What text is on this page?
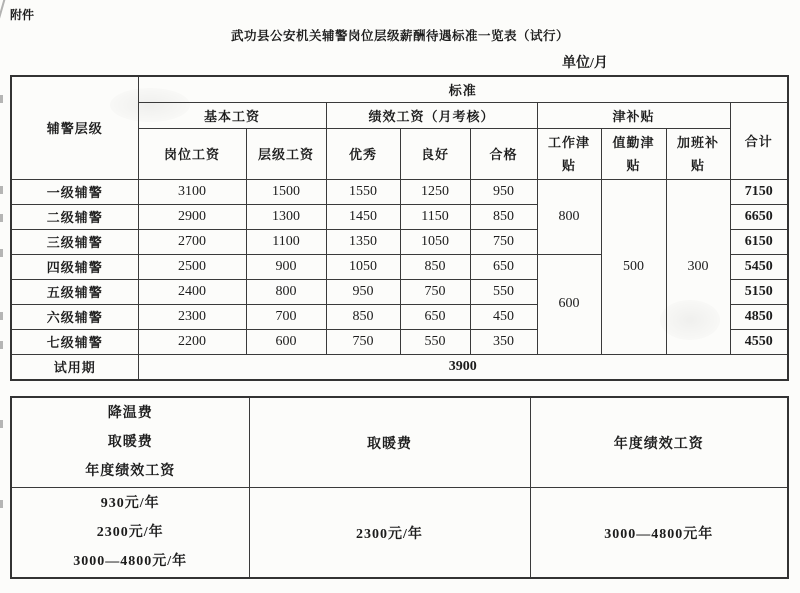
附件
武功县公安机关辅警岗位层级薪酬待遇标准一览表（试行）
单位/月
辅警层级	标准								
	基本工资		绩效工资（月考核）			津补贴			合计
	岗位工资	层级工资	优秀	良好	合格	工作津贴	值勤津贴	加班补贴	
一级辅警	3100	1500	1550	1250	950	800	500	300	7150
二级辅警	2900	1300	1450	1150	850				6650
三级辅警	2700	1100	1350	1050	750				6150
四级辅警	2500	900	1050	850	650	600			5450
五级辅警	2400	800	950	750	550				5150
六级辅警	2300	700	850	650	450				4850
七级辅警	2200	600	750	550	350				4550
试用期	3900								
降温费
取暖费
年度绩效工资	取暖费	年度绩效工资

930元/年
2300元/年
3000—4800元/年	2300元/年	3000—4800元年
